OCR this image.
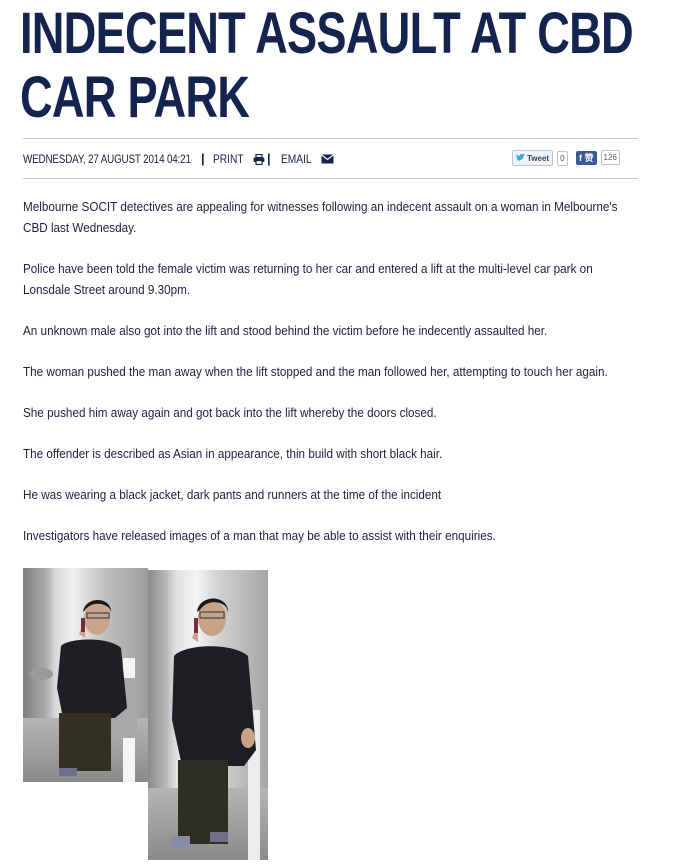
INDECENT ASSAULT AT CBD
CAR PARK
WEDNESDAY, 27 AUGUST 2014 04:21 | PRINT | EMAIL	Tweet	0	f 赞	126

Melbourne SOCIT detectives are appealing for witnesses following an indecent assault on a woman in Melbourne's CBD last Wednesday.

Police have been told the female victim was returning to her car and entered a lift at the multi-level car park on Lonsdale Street around 9.30pm.

An unknown male also got into the lift and stood behind the victim before he indecently assaulted her.

The woman pushed the man away when the lift stopped and the man followed her, attempting to touch her again.

She pushed him away again and got back into the lift whereby the doors closed.

The offender is described as Asian in appearance, thin build with short black hair.

He was wearing a black jacket, dark pants and runners at the time of the incident

Investigators have released images of a man that may be able to assist with their enquiries.
